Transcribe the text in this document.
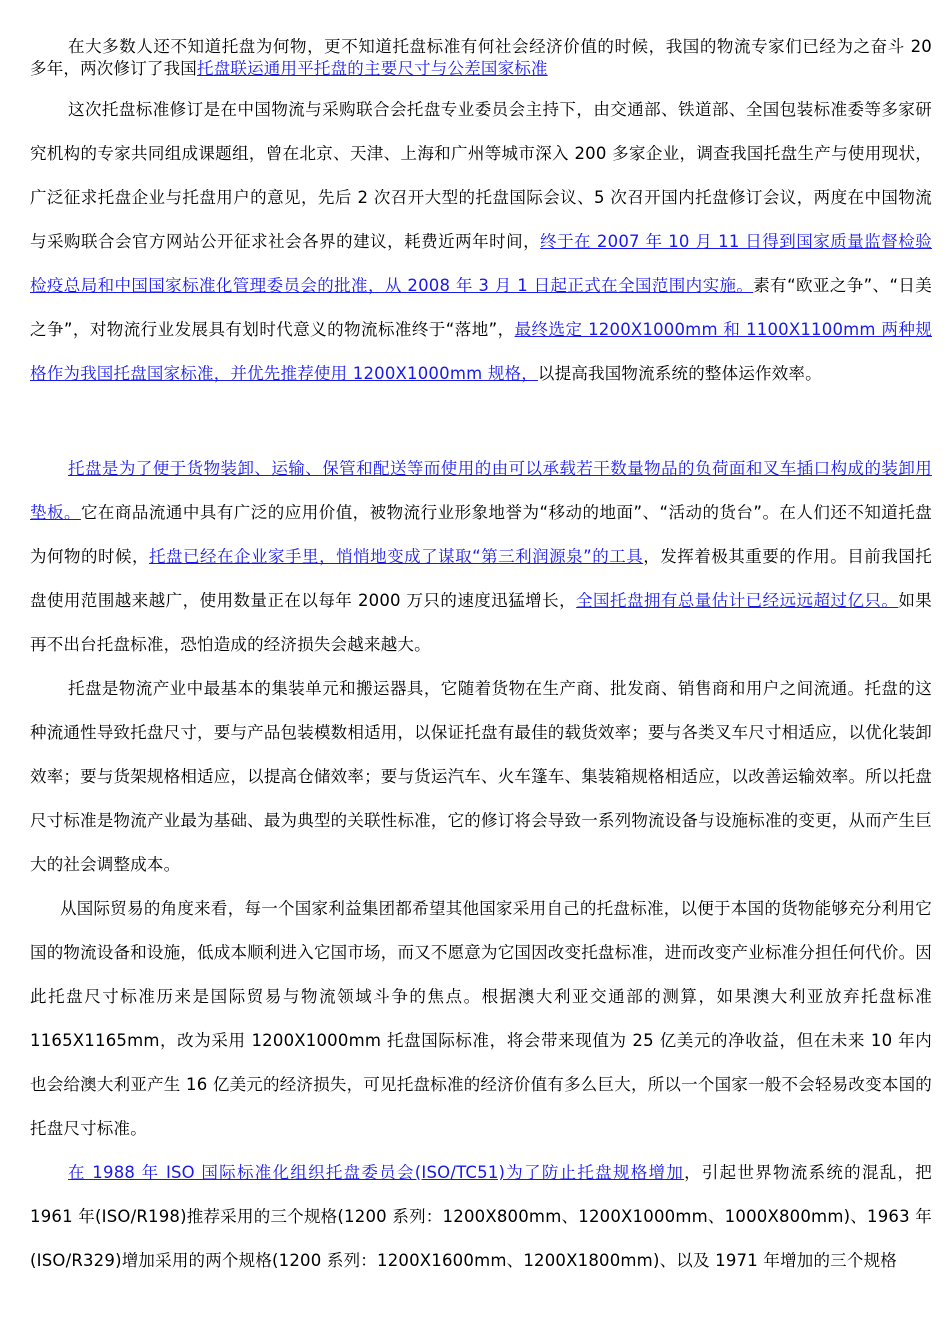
在大多数人还不知道托盘为何物，更不知道托盘标准有何社会经济价值的时候，我国的物流专家们已经为之奋斗 20 多年，两次修订了我国托盘联运通用平托盘的主要尺寸与公差国家标准

这次托盘标准修订是在中国物流与采购联合会托盘专业委员会主持下，由交通部、铁道部、全国包装标准委等多家研究机构的专家共同组成课题组，曾在北京、天津、上海和广州等城市深入 200 多家企业，调查我国托盘生产与使用现状，广泛征求托盘企业与托盘用户的意见，先后 2 次召开大型的托盘国际会议、5 次召开国内托盘修订会议，两度在中国物流与采购联合会官方网站公开征求社会各界的建议，耗费近两年时间，终于在 2007 年 10 月 11 日得到国家质量监督检验检疫总局和中国国家标准化管理委员会的批准，从 2008 年 3 月 1 日起正式在全国范围内实施。素有“欧亚之争”、“日美之争”，对物流行业发展具有划时代意义的物流标准终于“落地”，最终选定 1200X1000mm 和 1100X1100mm 两种规格作为我国托盘国家标准，并优先推荐使用 1200X1000mm 规格，以提高我国物流系统的整体运作效率。

托盘是为了便于货物装卸、运输、保管和配送等而使用的由可以承载若干数量物品的负荷面和叉车插口构成的装卸用垫板。它在商品流通中具有广泛的应用价值，被物流行业形象地誉为“移动的地面”、“活动的货台”。在人们还不知道托盘为何物的时候，托盘已经在企业家手里，悄悄地变成了谋取“第三利润源泉”的工具，发挥着极其重要的作用。目前我国托盘使用范围越来越广，使用数量正在以每年 2000 万只的速度迅猛增长，全国托盘拥有总量估计已经远远超过亿只。如果再不出台托盘标准，恐怕造成的经济损失会越来越大。

托盘是物流产业中最基本的集装单元和搬运器具，它随着货物在生产商、批发商、销售商和用户之间流通。托盘的这种流通性导致托盘尺寸，要与产品包装模数相适用，以保证托盘有最佳的载货效率；要与各类叉车尺寸相适应，以优化装卸效率；要与货架规格相适应，以提高仓储效率；要与货运汽车、火车篷车、集装箱规格相适应，以改善运输效率。所以托盘尺寸标准是物流产业最为基础、最为典型的关联性标准，它的修订将会导致一系列物流设备与设施标准的变更，从而产生巨大的社会调整成本。

从国际贸易的角度来看，每一个国家利益集团都希望其他国家采用自己的托盘标准，以便于本国的货物能够充分利用它国的物流设备和设施，低成本顺利进入它国市场，而又不愿意为它国因改变托盘标准，进而改变产业标准分担任何代价。因此托盘尺寸标准历来是国际贸易与物流领域斗争的焦点。根据澳大利亚交通部的测算，如果澳大利亚放弃托盘标准 1165X1165mm，改为采用 1200X1000mm 托盘国际标准，将会带来现值为 25 亿美元的净收益，但在未来 10 年内也会给澳大利亚产生 16 亿美元的经济损失，可见托盘标准的经济价值有多么巨大，所以一个国家一般不会轻易改变本国的托盘尺寸标准。

在 1988 年 ISO 国际标准化组织托盘委员会(ISO/TC51)为了防止托盘规格增加，引起世界物流系统的混乱，把 1961 年(ISO/R198)推荐采用的三个规格(1200 系列：1200X800mm、1200X1000mm、1000X800mm)、1963 年(ISO/R329)增加采用的两个规格(1200 系列：1200X1600mm、1200X1800mm)、以及 1971 年增加的三个规格
